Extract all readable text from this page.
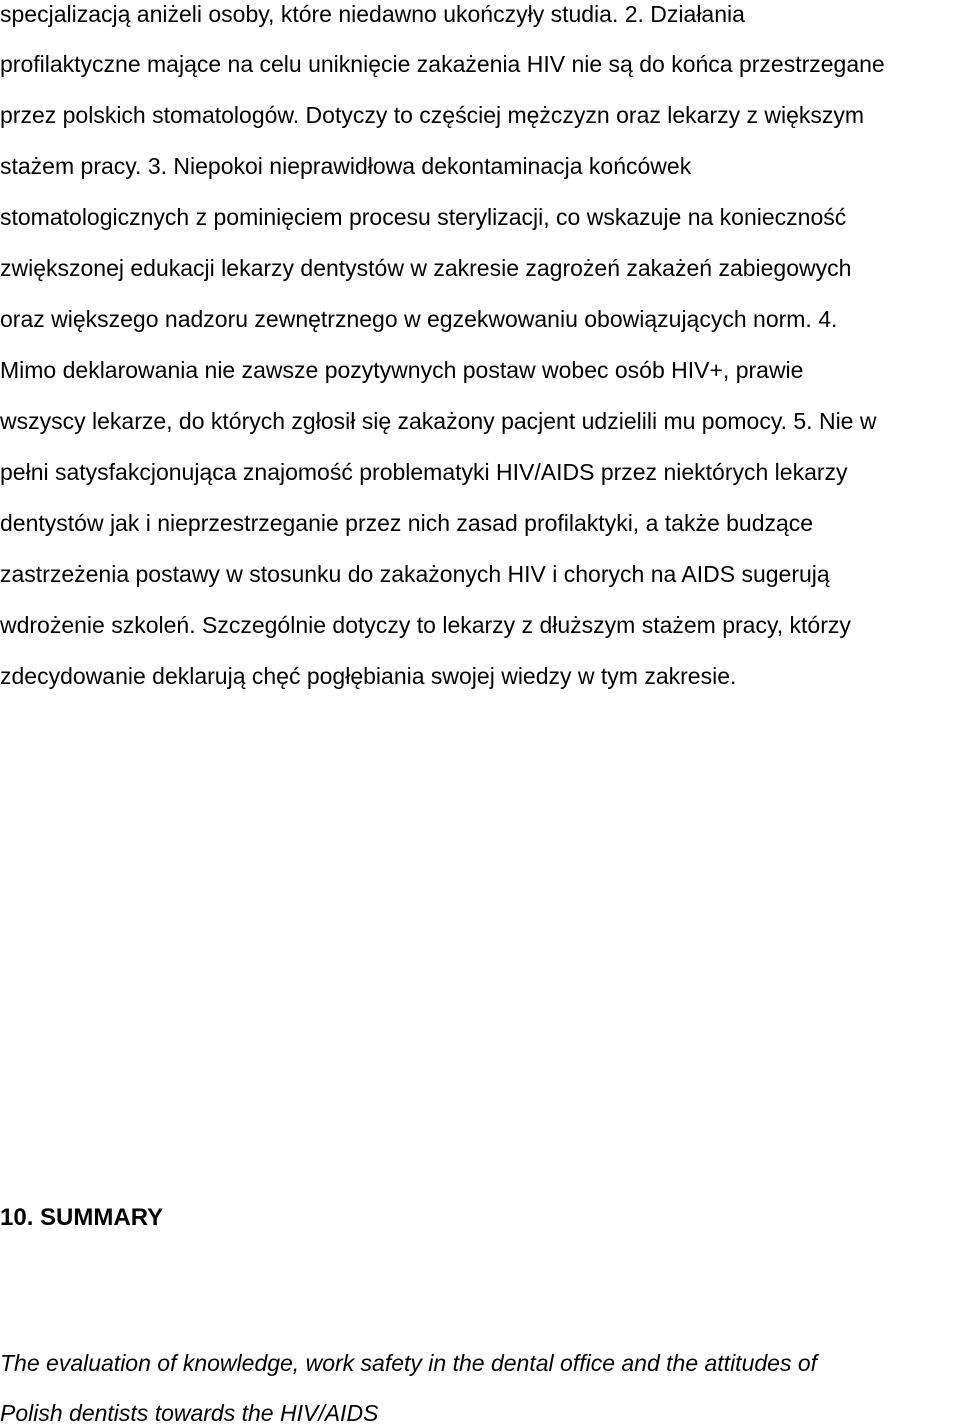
specjalizacją aniżeli osoby, które niedawno ukończyły studia. 2. Działania
profilaktyczne mające na celu uniknięcie zakażenia HIV nie są do końca przestrzegane
przez polskich stomatologów. Dotyczy to częściej mężczyzn oraz lekarzy z większym
stażem pracy. 3. Niepokoi nieprawidłowa dekontaminacja końcówek
stomatologicznych z pominięciem procesu sterylizacji, co wskazuje na konieczność
zwiększonej edukacji lekarzy dentystów w zakresie zagrożeń zakażeń zabiegowych
oraz większego nadzoru zewnętrznego w egzekwowaniu obowiązujących norm. 4.
Mimo deklarowania nie zawsze pozytywnych postaw wobec osób HIV+, prawie
wszyscy lekarze, do których zgłosił się zakażony pacjent udzielili mu pomocy. 5. Nie w
pełni satysfakcjonująca znajomość problematyki HIV/AIDS przez niektórych lekarzy
dentystów jak i nieprzestrzeganie przez nich zasad profilaktyki, a także budzące
zastrzeżenia postawy w stosunku do zakażonych HIV i chorych na AIDS sugerują
wdrożenie szkoleń. Szczególnie dotyczy to lekarzy z dłuższym stażem pracy, którzy
zdecydowanie deklarują chęć pogłębiania swojej wiedzy w tym zakresie.
10. SUMMARY
The evaluation of knowledge, work safety in the dental office and the attitudes of
Polish dentists towards the HIV/AIDS
